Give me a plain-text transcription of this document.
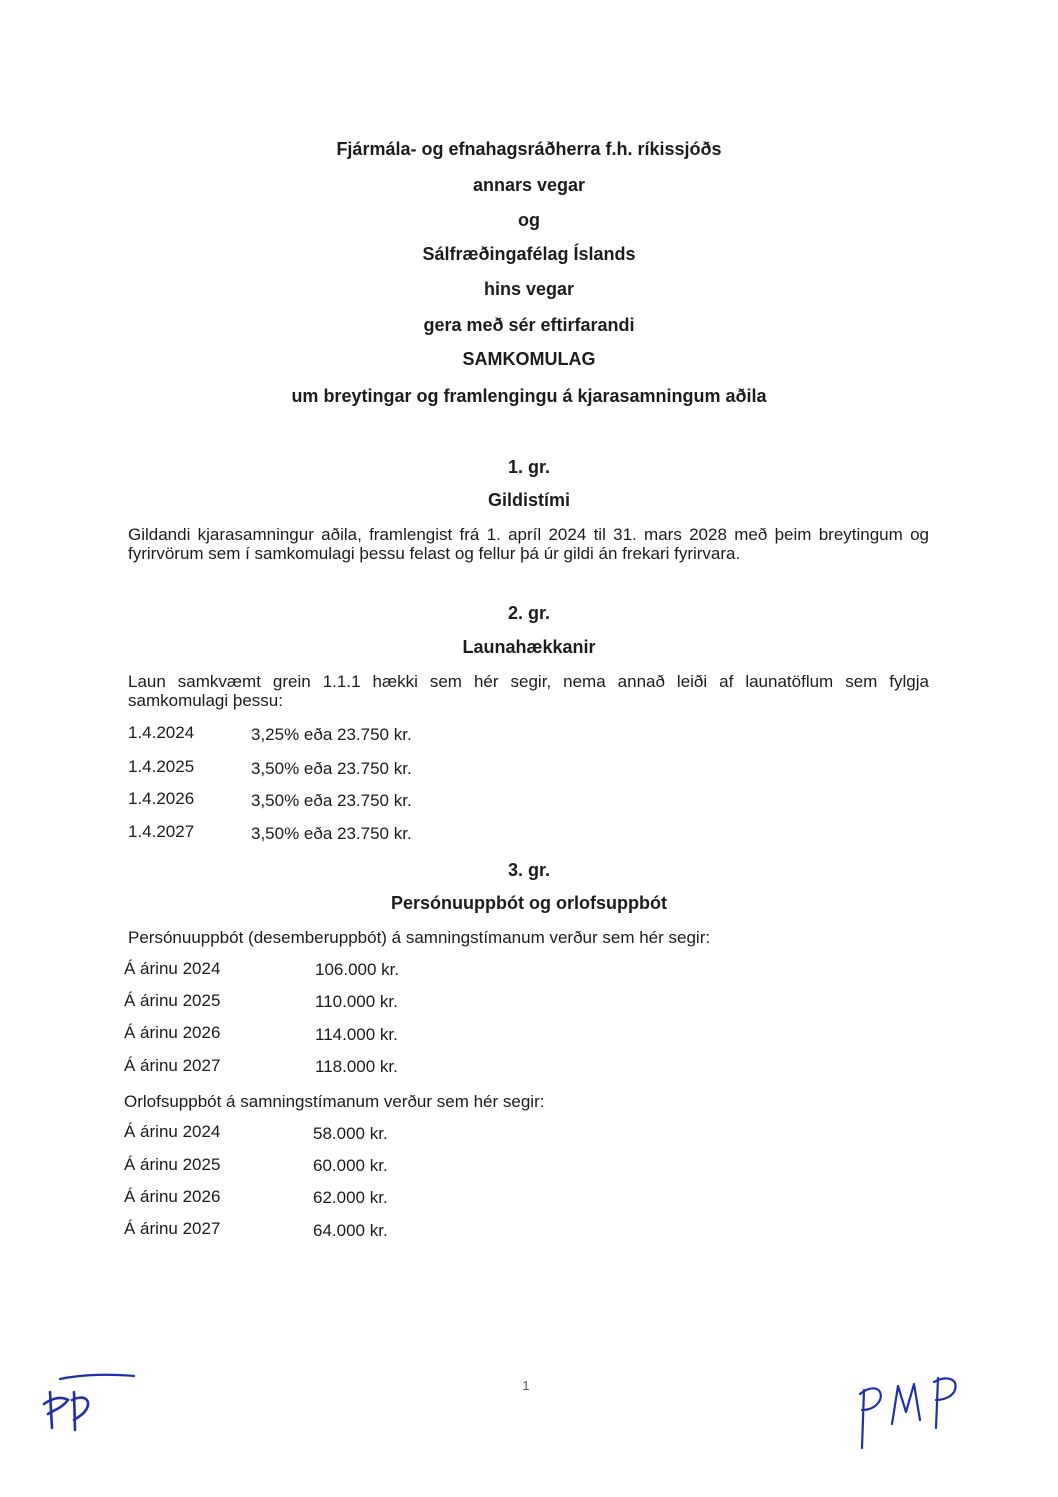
Fjármála- og efnahagsráðherra f.h. ríkissjóðs
annars vegar
og
Sálfræðingafélag Íslands
hins vegar
gera með sér eftirfarandi
SAMKOMULAG
um breytingar og framlengingu á kjarasamningum aðila
1. gr.
Gildistími
Gildandi kjarasamningur aðila, framlengist frá 1. apríl 2024 til 31. mars 2028 með þeim breytingum og fyrirvörum sem í samkomulagi þessu felast og fellur þá úr gildi án frekari fyrirvara.
2. gr.
Launahækkanir
Laun samkvæmt grein 1.1.1 hækki sem hér segir, nema annað leiði af launatöflum sem fylgja samkomulagi þessu:
1.4.2024	3,25% eða 23.750 kr.
1.4.2025	3,50% eða 23.750 kr.
1.4.2026	3,50% eða 23.750 kr.
1.4.2027	3,50% eða 23.750 kr.
3. gr.
Persónuuppbót og orlofsuppbót
Persónuuppbót (desemberuppbót) á samningstímanum verður sem hér segir:
Á árinu 2024	106.000 kr.
Á árinu 2025	110.000 kr.
Á árinu 2026	114.000 kr.
Á árinu 2027	118.000 kr.
Orlofsuppbót á samningstímanum verður sem hér segir:
Á árinu 2024	58.000 kr.
Á árinu 2025	60.000 kr.
Á árinu 2026	62.000 kr.
Á árinu 2027	64.000 kr.
1
